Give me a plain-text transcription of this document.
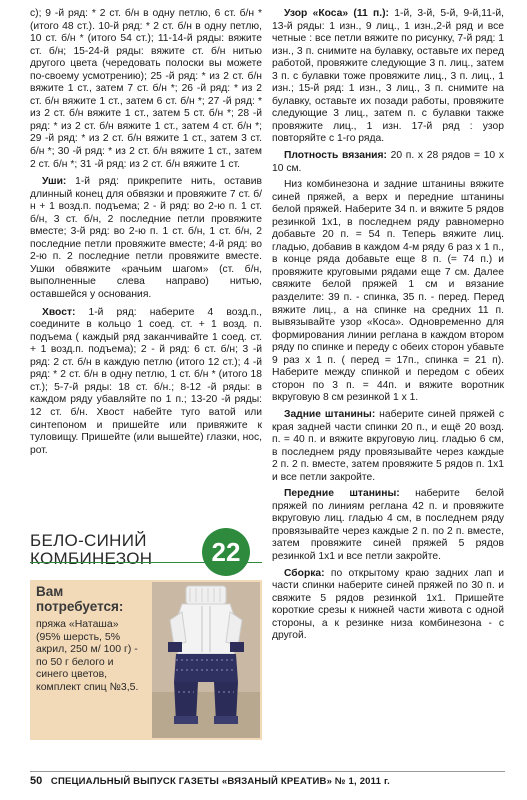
с); 9 -й ряд: * 2 ст. б/н в одну петлю, 6 ст. б/н * (итого 48 ст.). 10-й ряд: * 2 ст. б/н в одну петлю, 10 ст. б/н * (итого 54 ст.); 11-14-й ряды: вяжите ст. б/н; 15-24-й ряды: вяжите ст. б/н нитью другого цвета (чередовать полоски вы можете по-своему усмотрению); 25 -й ряд: * из 2 ст. б/н вяжите 1 ст., затем 7 ст. б/н *; 26 -й ряд: * из 2 ст. б/н вяжите 1 ст., затем 6 ст. б/н *; 27 -й ряд: * из 2 ст. б/н вяжите 1 ст., затем 5 ст. б/н *; 28 -й ряд: * из 2 ст. б/н вяжите 1 ст., затем 4 ст. б/н *; 29 -й ряд: * из 2 ст. б/н вяжите 1 ст., затем 3 ст. б/н *; 30 -й ряд: * из 2 ст. б/н вяжите 1 ст., затем 2 ст. б/н *; 31 -й ряд: из 2 ст. б/н вяжите 1 ст.

Уши: 1-й ряд: прикрепите нить, оставив длинный конец для обвязки и провяжите 7 ст. б/н + 1 возд.п. подъема; 2 - й ряд: во 2-ю п. 1 ст. б/н, 3 ст. б/н, 2 последние петли провяжите вместе; 3-й ряд: во 2-ю п. 1 ст. б/н, 1 ст. б/н, 2 последние петли провяжите вместе; 4-й ряд: во 2-ю п. 2 последние петли провяжите вместе. Ушки обвяжите «рачьим шагом» (ст. б/н, выполненные слева направо) нитью, оставшейся у основания.

Хвост: 1-й ряд: наберите 4 возд.п., соедините в кольцо 1 соед. ст. + 1 возд. п. подъема ( каждый ряд заканчивайте 1 соед. ст. + 1 возд.п. подъема); 2 - й ряд: 6 ст. б/н; 3 -й ряд: 2 ст. б/н в каждую петлю (итого 12 ст.); 4 -й ряд: * 2 ст. б/н в одну петлю, 1 ст. б/н * (итого 18 ст.); 5-7-й ряды: 18 ст. б/н.; 8-12 -й ряды: в каждом ряду убавляйте по 1 п.; 13-20 -й ряды: 12 ст. б/н. Хвост набейте туго ватой или синтепоном и пришейте или привяжите к туловищу. Пришейте (или вышейте) глазки, нос, рот.

БЕЛО-СИНИЙ
КОМБИНЕЗОН	22
Вам потребуется:
пряжа «Наташа» (95% шерсть, 5% акрил, 250 м/ 100 г) - по 50 г белого и синего цветов, комплект спиц №3,5.

Узор «Коса» (11 п.): 1-й, 3-й, 5-й, 9-й,11-й, 13-й ряды: 1 изн., 9 лиц., 1 изн.,2-й ряд и все четные : все петли вяжите по рисунку, 7-й ряд: 1 изн., 3 п. снимите на булавку, оставьте их перед работой, провяжите следующие 3 п. лиц., затем 3 п. с булавки тоже провяжите лиц., 3 п. лиц., 1 изн.; 15-й ряд: 1 изн., 3 лиц., 3 п. снимите на булавку, оставьте их позади работы, провяжите следующие 3 лиц., затем п. с булавки также провяжите лиц., 1 изн. 17-й ряд : узор повторяйте с 1-го ряда.

Плотность вязания: 20 п. х 28 рядов = 10 х 10 см.

Низ комбинезона и задние штанины вяжите синей пряжей, а верх и передние штанины белой пряжей. Наберите 34 п. и вяжите 5 рядов резинкой 1х1, в последнем ряду равномерно добавьте 20 п. = 54 п. Теперь вяжите лиц. гладью, добавив в каждом 4-м ряду 6 раз х 1 п., в конце ряда добавьте еще 8 п. (= 74 п.) и провяжите круговыми рядами еще 7 см. Далее свяжите белой пряжей 1 см и вязание разделите: 39 п. - спинка, 35 п. - перед. Перед вяжите лиц., а на спинке на средних 11 п. вывязывайте узор «Коса». Одновременно для формирования линии реглана в каждом втором ряду по спинке и переду с обеих сторон убавьте 9 раз х 1 п. ( перед = 17п., спинка = 21 п). Наберите между спинкой и передом с обеих сторон по 3 п. = 44п. и вяжите воротник вкруговую 8 см резинкой 1 х 1.

Задние штанины: наберите синей пряжей с края задней части спинки 20 п., и ещё 20 возд. п. = 40 п. и вяжите вкруговую лиц. гладью 6 см, в последнем ряду провязывайте через каждые 2 п. 2 п. вместе, затем провяжите 5 рядов п. 1х1 и все петли закройте.

Передние штанины: наберите белой пряжей по линиям реглана 42 п. и провяжите вкруговую лиц. гладью 4 см, в последнем ряду провязывайте через каждые 2 п. по 2 п. вместе, затем провяжите синей пряжей 5 рядов резинкой 1х1 и все петли закройте.

Сборка: по открытому краю задних лап и части спинки наберите синей пряжей по 30 п. и свяжите 5 рядов резинкой 1х1. Пришейте короткие срезы к нижней части живота с одной стороны, а к резинке низа комбинезона - с другой.

50 СПЕЦИАЛЬНЫЙ ВЫПУСК ГАЗЕТЫ «ВЯЗАНЫЙ КРЕАТИВ» № 1, 2011 г.
